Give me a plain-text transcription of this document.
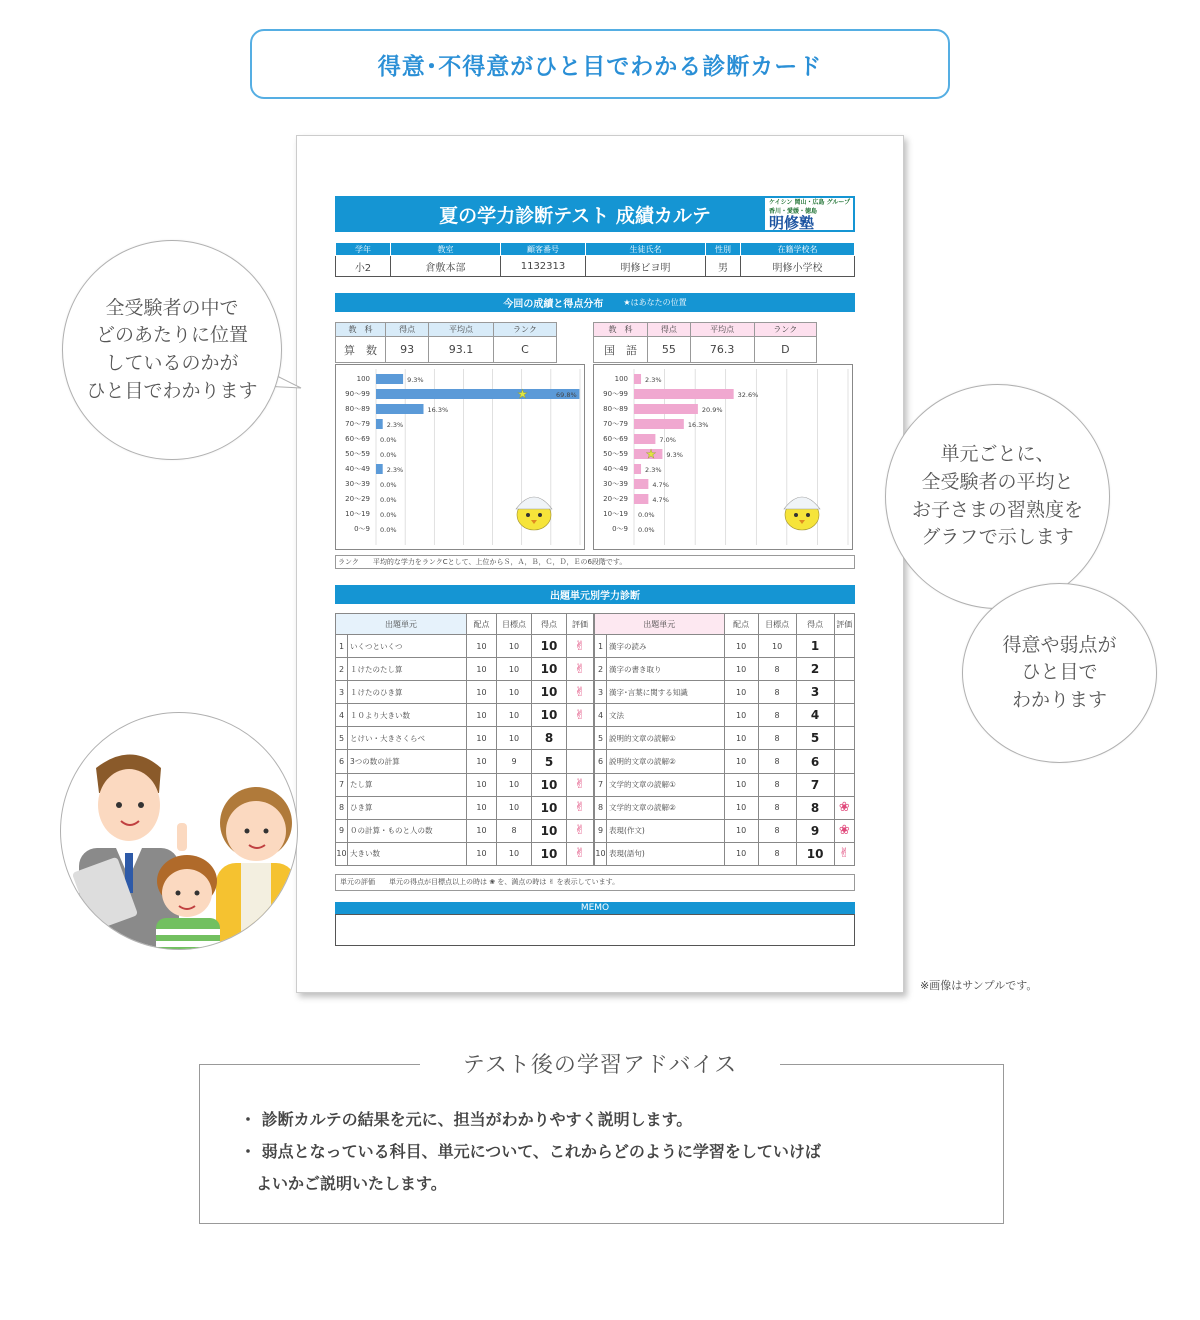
得意･不得意がひと目でわかる診断カード
夏の学力診断テスト 成績カルテ
ケイシン 岡山・広島 グループ 香川・愛媛・徳島
明修塾
学年	教室	顧客番号	生徒氏名	性別	在籍学校名
小2	倉敷本部	1132313	明修ビヨ明	男	明修小学校
今回の成績と得点分布	★はあなたの位置
教　科	得点	平均点	ランク
算　数	93	93.1	C
教　科	得点	平均点	ランク
国　語	55	76.3	D
100	9.3%
90～99	69.8%
★
80～89	16.3%
70～79	2.3%
60～69 0.0%
50～59 0.0%
40～49	2.3%
30～39 0.0%
20～29 0.0%
10～19 0.0%
0～9 0.0%
100	2.3%
90～99	32.6%
80～89	20.9%
70～79	16.3%
60～69	7.0%
50～59	9.3%
★
40～49	2.3%
30～39	4.7%
20～29	4.7%
10～19 0.0%
0～9 0.0%
ランク　　平均的な学力をランクCとして、上位からＳ，Ａ，Ｂ，Ｃ，Ｄ，Ｅの6段階です。
出題単元別学力診断
出題単元		配点	目標点	得点	評価
1	いくつといくつ	10	10	10	✌
2	１けたのたし算	10	10	10	✌
3	１けたのひき算	10	10	10	✌
4	１０より大きい数	10	10	10	✌
5	とけい・大きさくらべ	10	10	8	
6	3つの数の計算	10	9	5	
7	たし算	10	10	10	✌
8	ひき算	10	10	10	✌
9	０の計算・ものと人の数	10	8	10	✌
10	大きい数	10	10	10	✌
出題単元		配点	目標点	得点	評価
1	漢字の読み	10	10	1	
2	漢字の書き取り	10	8	2	
3	漢字･言葉に関する知識	10	8	3	
4	文法	10	8	4	
5	説明的文章の読解①	10	8	5	
6	説明的文章の読解②	10	8	6	
7	文学的文章の読解①	10	8	7	
8	文学的文章の読解②	10	8	8	❀
9	表現(作文)	10	8	9	❀
10	表現(語句)	10	8	10	✌
単元の評価　　単元の得点が目標点以上の時は ❀ を、満点の時は ✌ を表示しています。
MEMO
※画像はサンプルです。
全受験者の中で
どのあたりに位置
しているのかが
ひと目でわかります
単元ごとに、
全受験者の平均と
お子さまの習熟度を
グラフで示します
得意や弱点が
ひと目で
わかります
・ 診断カルテの結果を元に、担当がわかりやすく説明します。
・ 弱点となっている科目、単元について、これからどのように学習をしていけば
よいかご説明いたします。
テスト後の学習アドバイス
